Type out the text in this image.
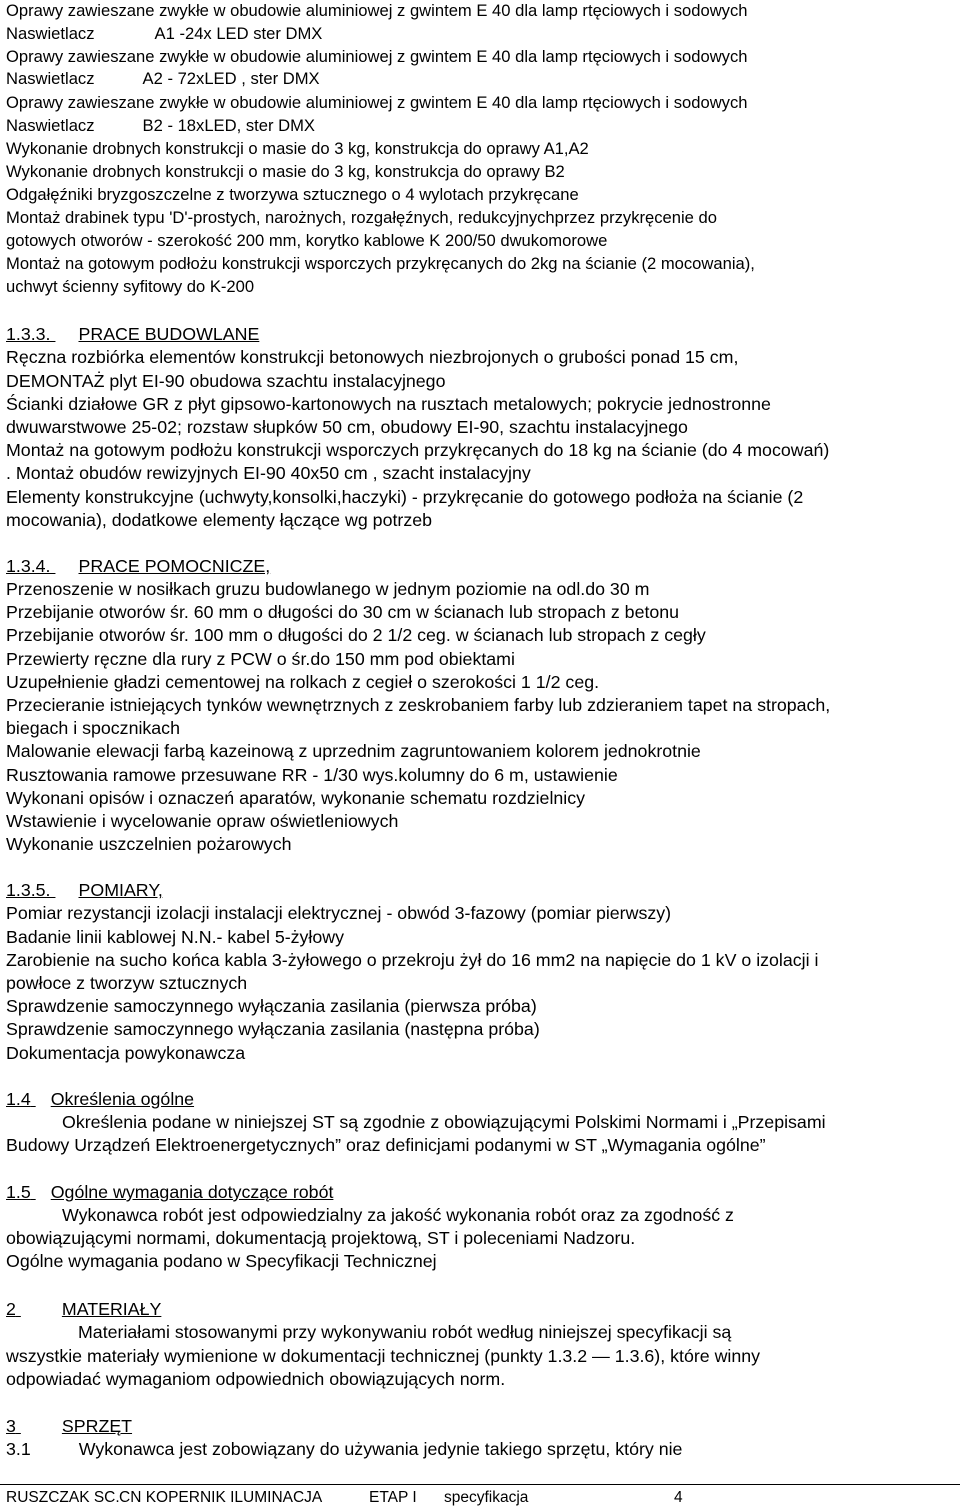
Oprawy zawieszane zwykłe w obudowie aluminiowej z gwintem E 40 dla lamp rtęciowych i sodowych
Naswietlacz	A1 -24x LED ster DMX
Oprawy zawieszane zwykłe w obudowie aluminiowej z gwintem E 40 dla lamp rtęciowych i sodowych
Naswietlacz	A2 - 72xLED , ster DMX
Oprawy zawieszane zwykłe w obudowie aluminiowej z gwintem E 40 dla lamp rtęciowych i sodowych
Naswietlacz	B2 - 18xLED, ster DMX
Wykonanie drobnych konstrukcji o masie do 3 kg, konstrukcja do oprawy A1,A2
Wykonanie drobnych konstrukcji o masie do 3 kg, konstrukcja do oprawy B2
Odgałęźniki bryzgoszczelne z tworzywa sztucznego o 4 wylotach przykręcane
Montaż drabinek typu 'D'-prostych, narożnych, rozgałęźnych, redukcyjnychprzez przykręcenie do
gotowych otworów - szerokość 200 mm, korytko kablowe K 200/50 dwukomorowe
Montaż na gotowym podłożu konstrukcji wsporczych przykręcanych do 2kg na ścianie (2 mocowania),
uchwyt ścienny syfitowy do K-200
1.3.3. PRACE BUDOWLANE
Ręczna rozbiórka elementów konstrukcji betonowych niezbrojonych o grubości ponad 15 cm,
DEMONTAŻ plyt EI-90 obudowa szachtu instalacyjnego
Ścianki działowe GR z płyt gipsowo-kartonowych na rusztach metalowych; pokrycie jednostronne
dwuwarstwowe 25-02; rozstaw słupków 50 cm, obudowy EI-90, szachtu instalacyjnego
Montaż na gotowym podłożu konstrukcji wsporczych przykręcanych do 18 kg na ścianie (do 4 mocowań)
. Montaż obudów rewizyjnych EI-90 40x50 cm , szacht instalacyjny
Elementy konstrukcyjne (uchwyty,konsolki,haczyki) - przykręcanie do gotowego podłoża na ścianie (2
mocowania), dodatkowe elementy łączące wg potrzeb
1.3.4. PRACE POMOCNICZE,
Przenoszenie w nosiłkach gruzu budowlanego w jednym poziomie na odl.do 30 m
Przebijanie otworów śr. 60 mm o długości do 30 cm w ścianach lub stropach z betonu
Przebijanie otworów śr. 100 mm o długości do 2 1/2 ceg. w ścianach lub stropach z cegły
Przewierty ręczne dla rury z PCW o śr.do 150 mm pod obiektami
Uzupełnienie gładzi cementowej na rolkach z cegieł o szerokości 1 1/2 ceg.
Przecieranie istniejących tynków wewnętrznych z zeskrobaniem farby lub zdzieraniem tapet na stropach,
biegach i spocznikach
Malowanie elewacji farbą kazeinową z uprzednim zagruntowaniem kolorem jednokrotnie
Rusztowania ramowe przesuwane RR - 1/30 wys.kolumny do 6 m, ustawienie
Wykonani opisów i oznaczeń aparatów, wykonanie schematu rozdzielnicy
Wstawienie i wycelowanie opraw oświetleniowych
Wykonanie uszczelnien pożarowych
1.3.5. POMIARY,
Pomiar rezystancji izolacji instalacji elektrycznej - obwód 3-fazowy (pomiar pierwszy)
Badanie linii kablowej N.N.- kabel 5-żyłowy
Zarobienie na sucho końca kabla 3-żyłowego o przekroju żył do 16 mm2 na napięcie do 1 kV o izolacji i
powłoce z tworzyw sztucznych
Sprawdzenie samoczynnego wyłączania zasilania (pierwsza próba)
Sprawdzenie samoczynnego wyłączania zasilania (następna próba)
Dokumentacja powykonawcza
1.4 Określenia ogólne
Określenia podane w niniejszej ST są zgodnie z obowiązującymi Polskimi Normami i „Przepisami
Budowy Urządzeń Elektroenergetycznych” oraz definicjami podanymi w ST „Wymagania ogólne”
1.5 Ogólne wymagania dotyczące robót
Wykonawca robót jest odpowiedzialny za jakość wykonania robót oraz za zgodność z
obowiązującymi normami, dokumentacją projektową, ST i poleceniami Nadzoru.
Ogólne wymagania podano w Specyfikacji Technicznej
2	MATERIAŁY
Materiałami stosowanymi przy wykonywaniu robót według niniejszej specyfikacji są
wszystkie materiały wymienione w dokumentacji technicznej (punkty 1.3.2 — 1.3.6), które winny
odpowiadać wymaganiom odpowiednich obowiązujących norm.
3	SPRZĘT
3.1	Wykonawca jest zobowiązany do używania jedynie takiego sprzętu, który nie
RUSZCZAK SC.CN KOPERNIK ILUMINACJA	ETAP I specyfikacja	4
